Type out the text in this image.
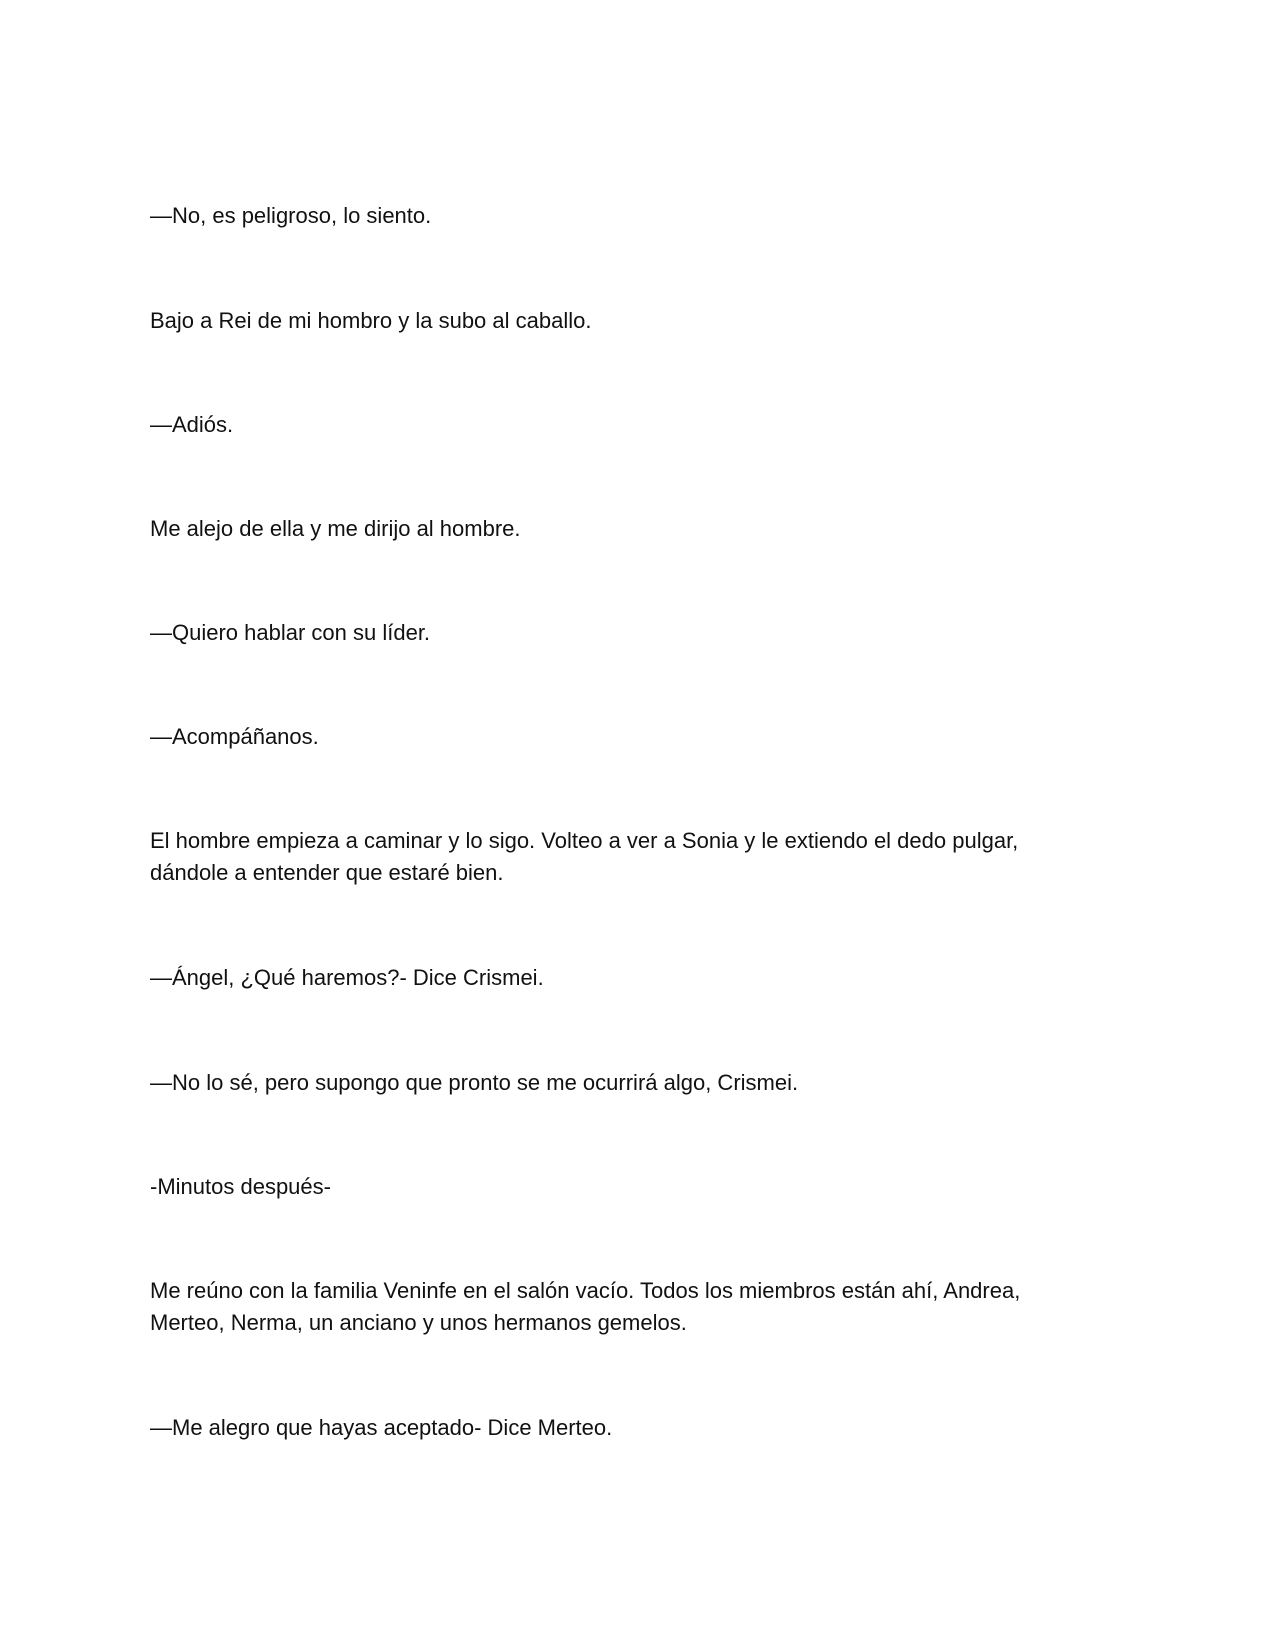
—No, es peligroso, lo siento.

Bajo a Rei de mi hombro y la subo al caballo.

—Adiós.

Me alejo de ella y me dirijo al hombre.

—Quiero hablar con su líder.

—Acompáñanos.

El hombre empieza a caminar y lo sigo. Volteo a ver a Sonia y le extiendo el dedo pulgar, dándole a entender que estaré bien.

—Ángel, ¿Qué haremos?- Dice Crismei.

—No lo sé, pero supongo que pronto se me ocurrirá algo, Crismei.

-Minutos después-

Me reúno con la familia Veninfe en el salón vacío. Todos los miembros están ahí, Andrea, Merteo, Nerma, un anciano y unos hermanos gemelos.

—Me alegro que hayas aceptado- Dice Merteo.
